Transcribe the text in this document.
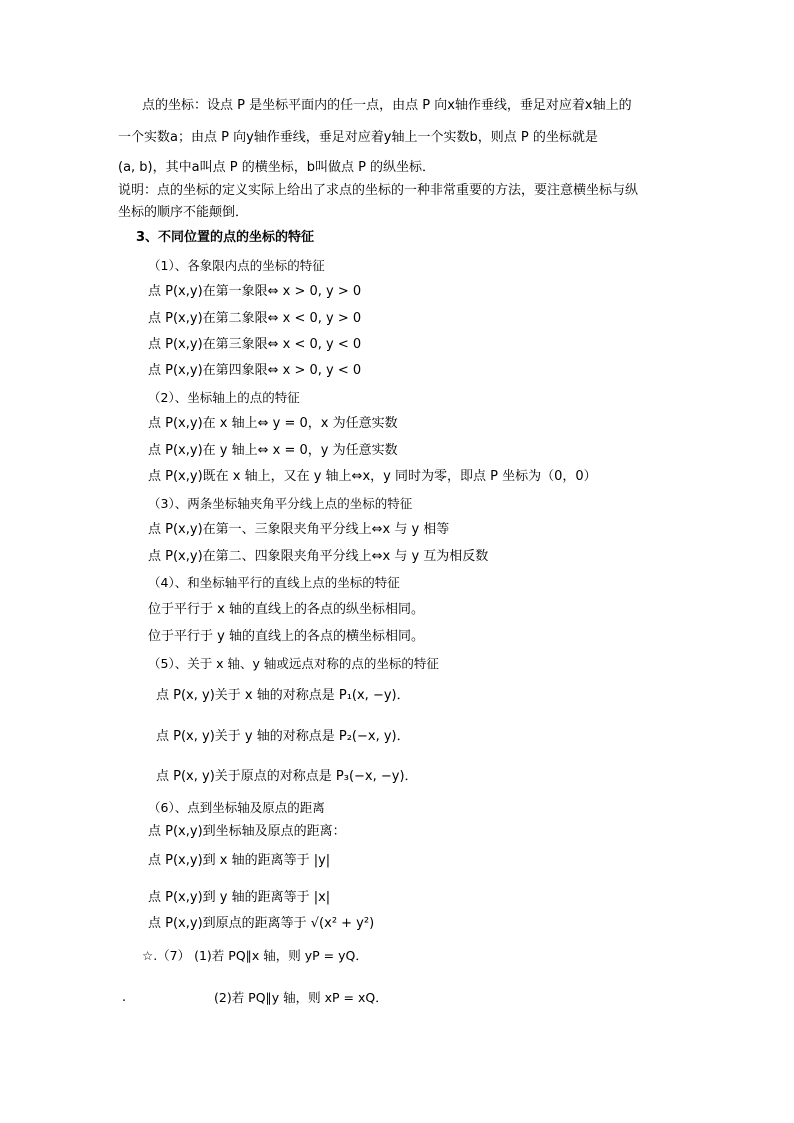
点的坐标：设点 P 是坐标平面内的任一点，由点 P 向x轴作垂线，垂足对应着x轴上的
一个实数a；由点 P 向y轴作垂线，垂足对应着y轴上一个实数b，则点 P 的坐标就是
(a, b)，其中a叫点 P 的横坐标，b叫做点 P 的纵坐标．
说明：点的坐标的定义实际上给出了求点的坐标的一种非常重要的方法，要注意横坐标与纵
坐标的顺序不能颠倒．
3、不同位置的点的坐标的特征
（1）、各象限内点的坐标的特征
点 P(x,y)在第一象限⇔ x > 0, y > 0
点 P(x,y)在第二象限⇔ x < 0, y > 0
点 P(x,y)在第三象限⇔ x < 0, y < 0
点 P(x,y)在第四象限⇔ x > 0, y < 0
（2）、坐标轴上的点的特征
点 P(x,y)在 x 轴上⇔ y = 0，x 为任意实数
点 P(x,y)在 y 轴上⇔ x = 0，y 为任意实数
点 P(x,y)既在 x 轴上，又在 y 轴上⇔x，y 同时为零，即点 P 坐标为（0，0）
（3）、两条坐标轴夹角平分线上点的坐标的特征
点 P(x,y)在第一、三象限夹角平分线上⇔x 与 y 相等
点 P(x,y)在第二、四象限夹角平分线上⇔x 与 y 互为相反数
（4）、和坐标轴平行的直线上点的坐标的特征
位于平行于 x 轴的直线上的各点的纵坐标相同。
位于平行于 y 轴的直线上的各点的横坐标相同。
（5）、关于 x 轴、y 轴或远点对称的点的坐标的特征
点 P(x, y)关于 x 轴的对称点是 P₁(x, −y)．
点 P(x, y)关于 y 轴的对称点是 P₂(−x, y)．
点 P(x, y)关于原点的对称点是 P₃(−x, −y)．
（6）、点到坐标轴及原点的距离
点 P(x,y)到坐标轴及原点的距离：
点 P(x,y)到 x 轴的距离等于 |y|
点 P(x,y)到 y 轴的距离等于 |x|
点 P(x,y)到原点的距离等于 √(x² + y²)
☆.（7） (1)若 PQ∥x 轴，则 yP = yQ．
.	(2)若 PQ∥y 轴，则 xP = xQ．
